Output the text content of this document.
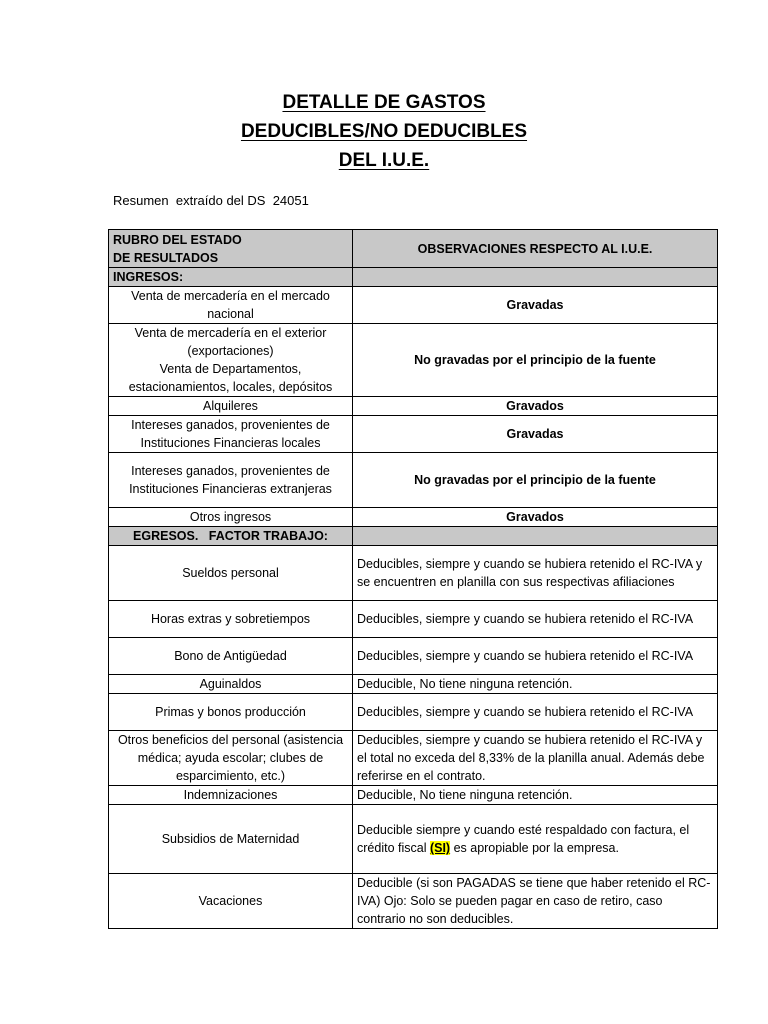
DETALLE DE GASTOS
DEDUCIBLES/NO DEDUCIBLES
DEL I.U.E.
Resumen  extraído del DS  24051
RUBRO DEL ESTADO
DE RESULTADOS	OBSERVACIONES RESPECTO AL I.U.E.
INGRESOS:	
Venta de mercadería en el mercado nacional	Gravadas

Venta de mercadería en el exterior (exportaciones)
Venta de Departamentos, estacionamientos, locales, depósitos	No gravadas por el principio de la fuente
Alquileres	Gravados
Intereses ganados, provenientes de Instituciones Financieras locales	Gravadas
Intereses ganados, provenientes de Instituciones Financieras extranjeras	No gravadas por el principio de la fuente
Otros ingresos	Gravados
EGRESOS.   FACTOR TRABAJO:	
Sueldos personal	Deducibles, siempre y cuando se hubiera retenido el RC-IVA y se encuentren en planilla con sus respectivas afiliaciones
Horas extras y sobretiempos	Deducibles, siempre y cuando se hubiera retenido el RC-IVA
Bono de Antigüedad	Deducibles, siempre y cuando se hubiera retenido el RC-IVA
Aguinaldos	Deducible, No tiene ninguna retención.
Primas y bonos producción	Deducibles, siempre y cuando se hubiera retenido el RC-IVA
Otros beneficios del personal (asistencia médica; ayuda escolar; clubes de esparcimiento, etc.)	Deducibles, siempre y cuando se hubiera retenido el RC-IVA y el total no exceda del 8,33% de la planilla anual. Además debe referirse en el contrato.
Indemnizaciones	Deducible, No tiene ninguna retención.
Subsidios de Maternidad	Deducible siempre y cuando esté respaldado con factura, el crédito fiscal (SI) es apropiable por la empresa.
Vacaciones	Deducible (si son PAGADAS se tiene que haber retenido el RC-IVA) Ojo: Solo se pueden pagar en caso de retiro, caso contrario no son deducibles.
